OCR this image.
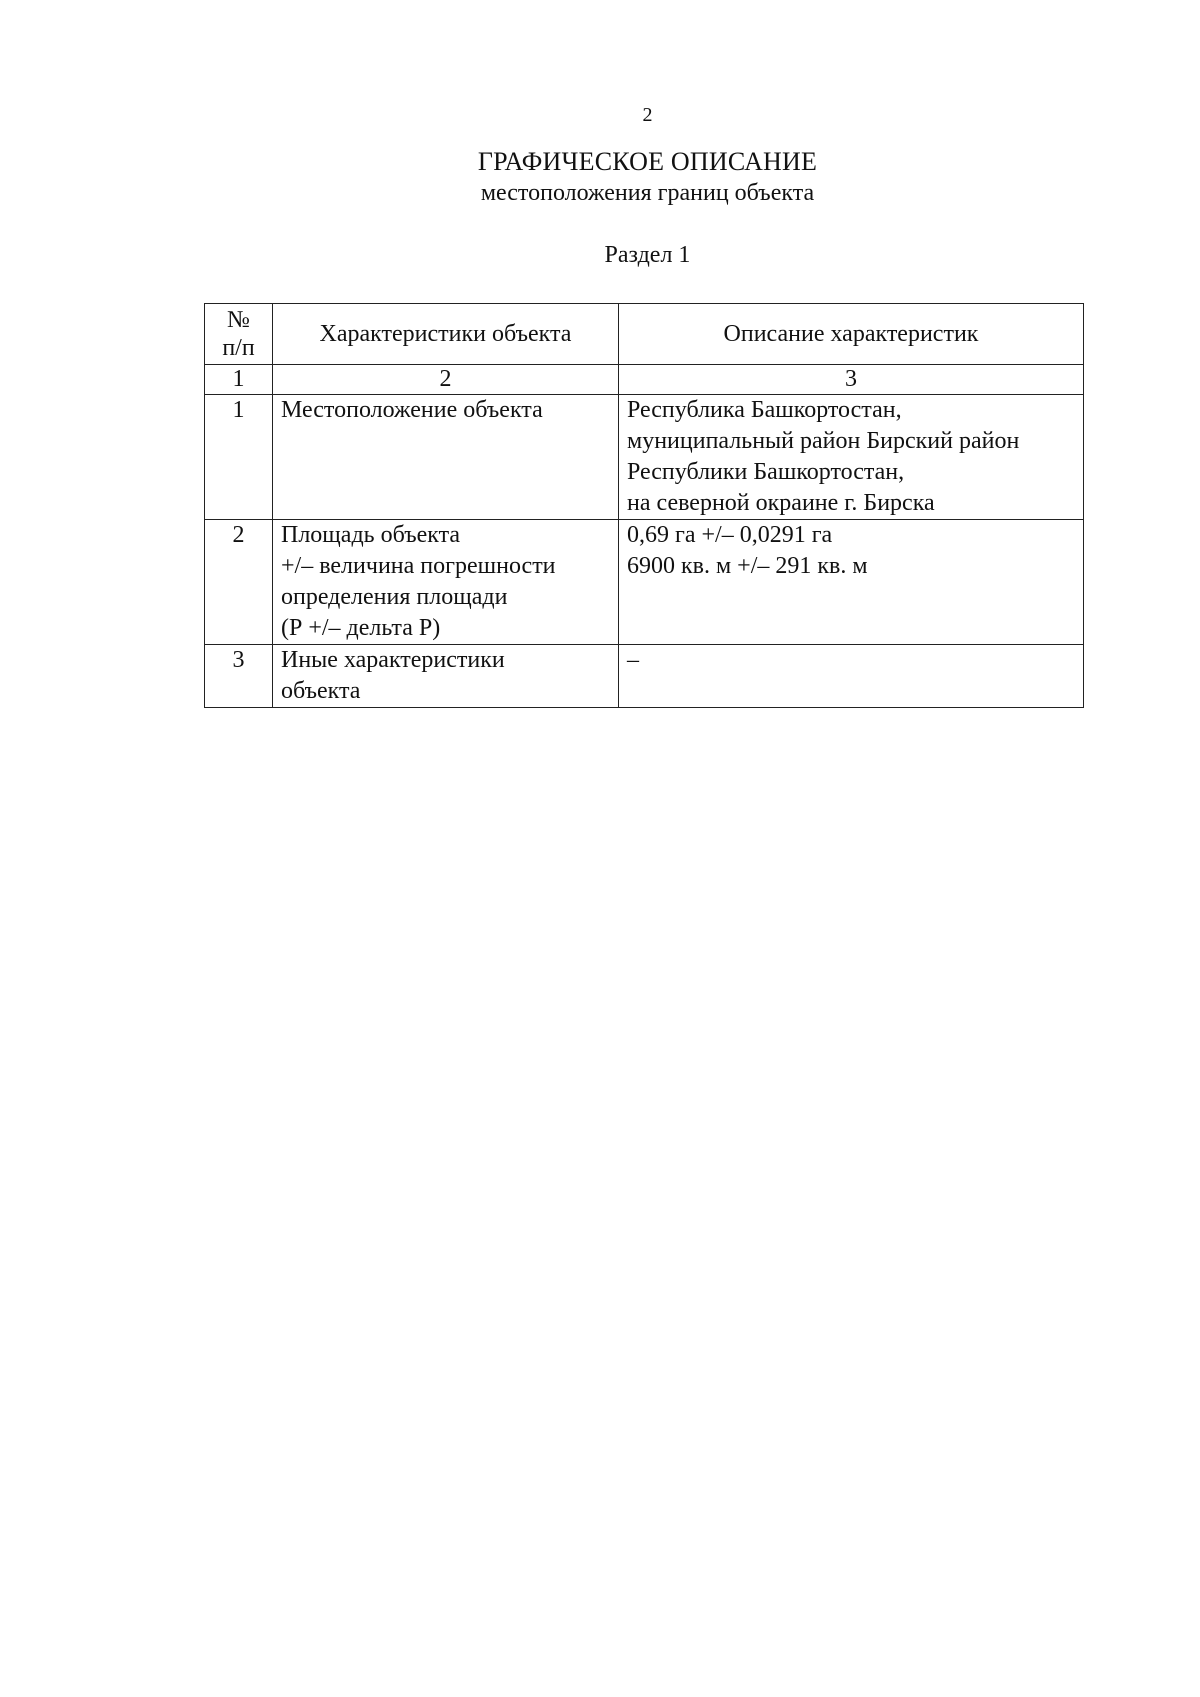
2
ГРАФИЧЕСКОЕ ОПИСАНИЕ
местоположения границ объекта
Раздел 1
№
п/п	Характеристики объекта	Описание характеристик
1	2	3
1	Местоположение объекта	Республика Башкортостан,
муниципальный район Бирский район
Республики Башкортостан,
на северной окраине г. Бирска

2	Площадь объекта
+/– величина погрешности
определения площади
(Р +/– дельта Р)	0,69 га +/– 0,0291 га
6900 кв. м +/– 291 кв. м

3	Иные характеристики
объекта	–
